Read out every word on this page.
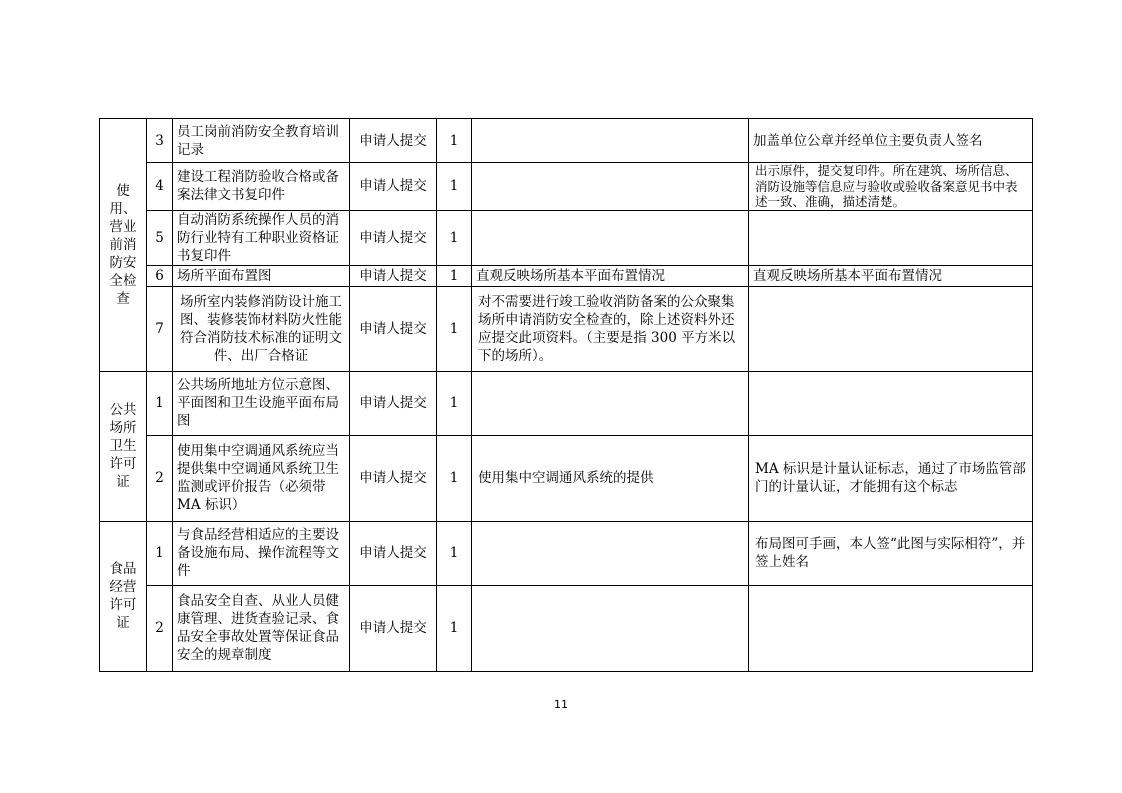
使用、营业前消防安全检查	3	员工岗前消防安全教育培训记录	申请人提交	1		加盖单位公章并经单位主要负责人签名
	4	建设工程消防验收合格或备案法律文书复印件	申请人提交	1		出示原件，提交复印件。所在建筑、场所信息、消防设施等信息应与验收或验收备案意见书中表述一致、准确，描述清楚。
	5	自动消防系统操作人员的消防行业特有工种职业资格证书复印件	申请人提交	1		
	6	场所平面布置图	申请人提交	1	直观反映场所基本平面布置情况	直观反映场所基本平面布置情况
	7	场所室内装修消防设计施工图、装修装饰材料防火性能符合消防技术标准的证明文件、出厂合格证	申请人提交	1	对不需要进行竣工验收消防备案的公众聚集场所申请消防安全检查的，除上述资料外还应提交此项资料。（主要是指 300 平方米以下的场所）。	
公共场所卫生许可证	1	公共场所地址方位示意图、平面图和卫生设施平面布局图	申请人提交	1		
	2	使用集中空调通风系统应当提供集中空调通风系统卫生监测或评价报告（必须带 MA 标识）	申请人提交	1	使用集中空调通风系统的提供	MA 标识是计量认证标志，通过了市场监管部门的计量认证，才能拥有这个标志
食品经营许可证	1	与食品经营相适应的主要设备设施布局、操作流程等文件	申请人提交	1		布局图可手画，本人签“此图与实际相符”，并签上姓名
	2	食品安全自查、从业人员健康管理、进货查验记录、食品安全事故处置等保证食品安全的规章制度	申请人提交	1		
11
